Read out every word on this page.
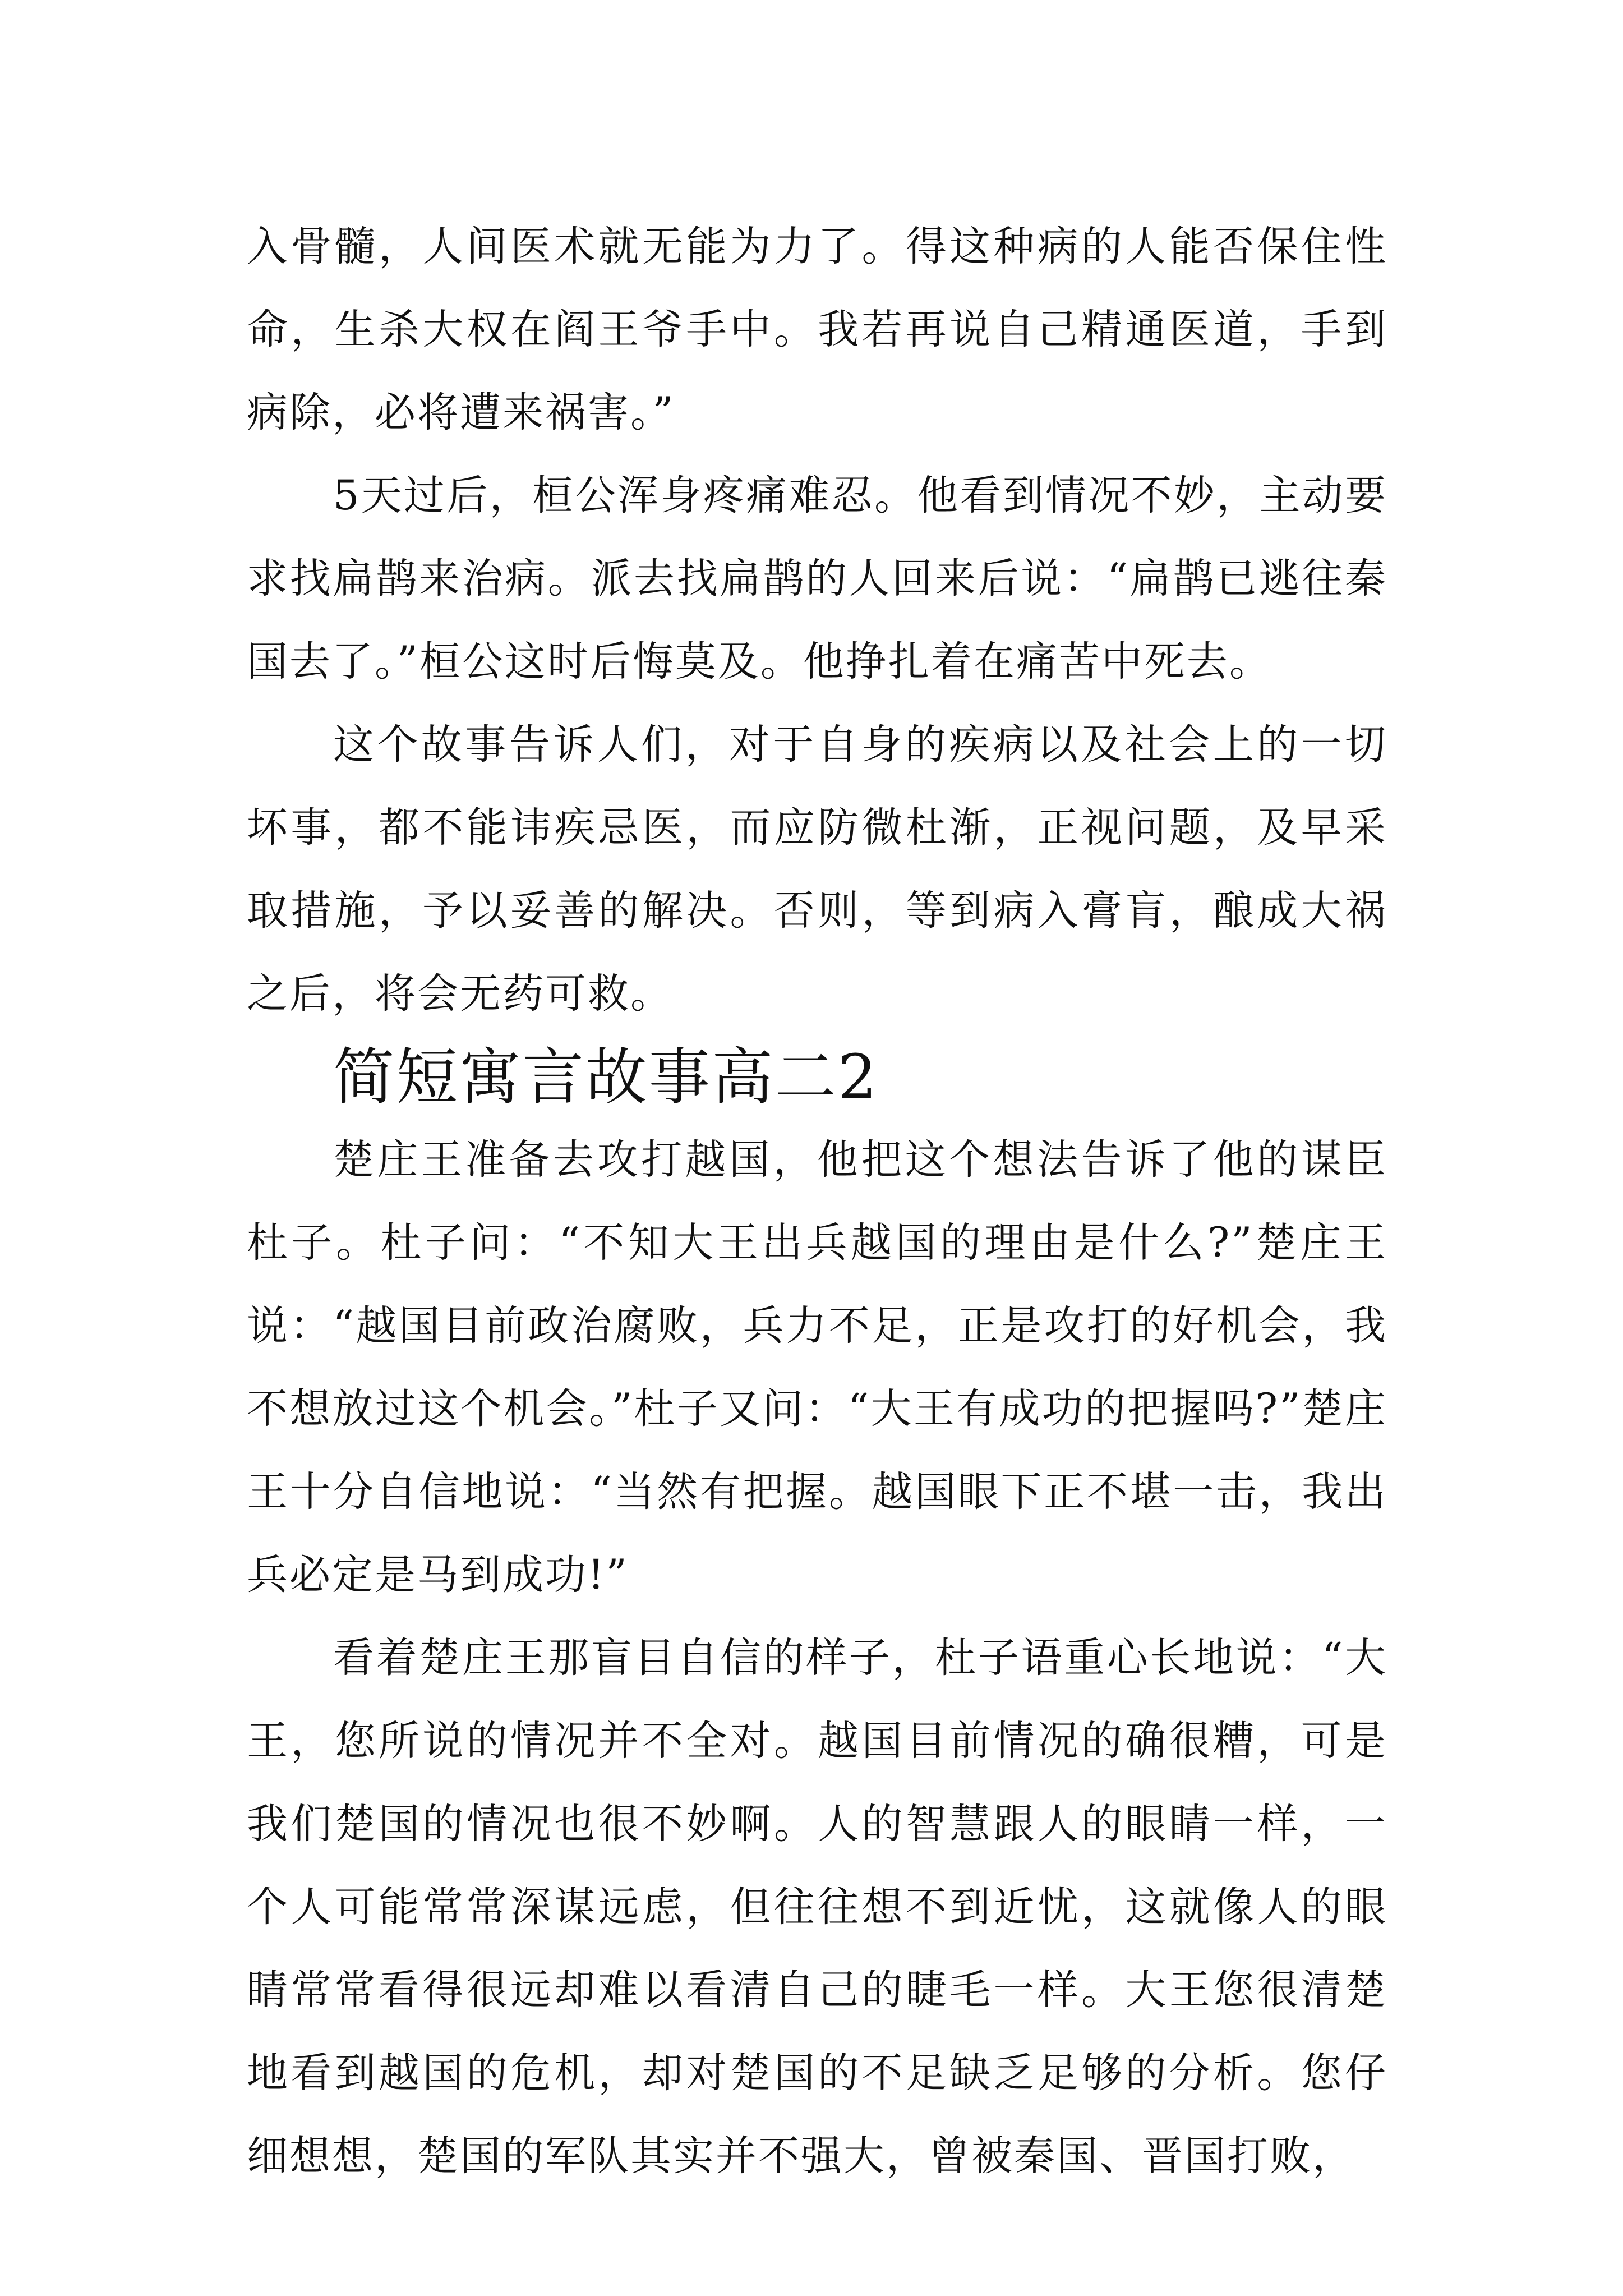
入骨髓，人间医术就无能为力了。得这种病的人能否保住性命，生杀大权在阎王爷手中。我若再说自己精通医道，手到病除，必将遭来祸害。”

5天过后，桓公浑身疼痛难忍。他看到情况不妙，主动要求找扁鹊来治病。派去找扁鹊的人回来后说：“扁鹊已逃往秦国去了。”桓公这时后悔莫及。他挣扎着在痛苦中死去。

这个故事告诉人们，对于自身的疾病以及社会上的一切坏事，都不能讳疾忌医，而应防微杜渐，正视问题，及早采取措施，予以妥善的解决。否则，等到病入膏肓，酿成大祸之后，将会无药可救。

简短寓言故事高二2

楚庄王准备去攻打越国，他把这个想法告诉了他的谋臣杜子。杜子问：“不知大王出兵越国的理由是什么?”楚庄王说：“越国目前政治腐败，兵力不足，正是攻打的好机会，我不想放过这个机会。”杜子又问：“大王有成功的把握吗?”楚庄王十分自信地说：“当然有把握。越国眼下正不堪一击，我出兵必定是马到成功!”

看着楚庄王那盲目自信的样子，杜子语重心长地说：“大王，您所说的情况并不全对。越国目前情况的确很糟，可是我们楚国的情况也很不妙啊。人的智慧跟人的眼睛一样，一个人可能常常深谋远虑，但往往想不到近忧，这就像人的眼睛常常看得很远却难以看清自己的睫毛一样。大王您很清楚地看到越国的危机，却对楚国的不足缺乏足够的分析。您仔细想想，楚国的军队其实并不强大，曾被秦国、晋国打败，
